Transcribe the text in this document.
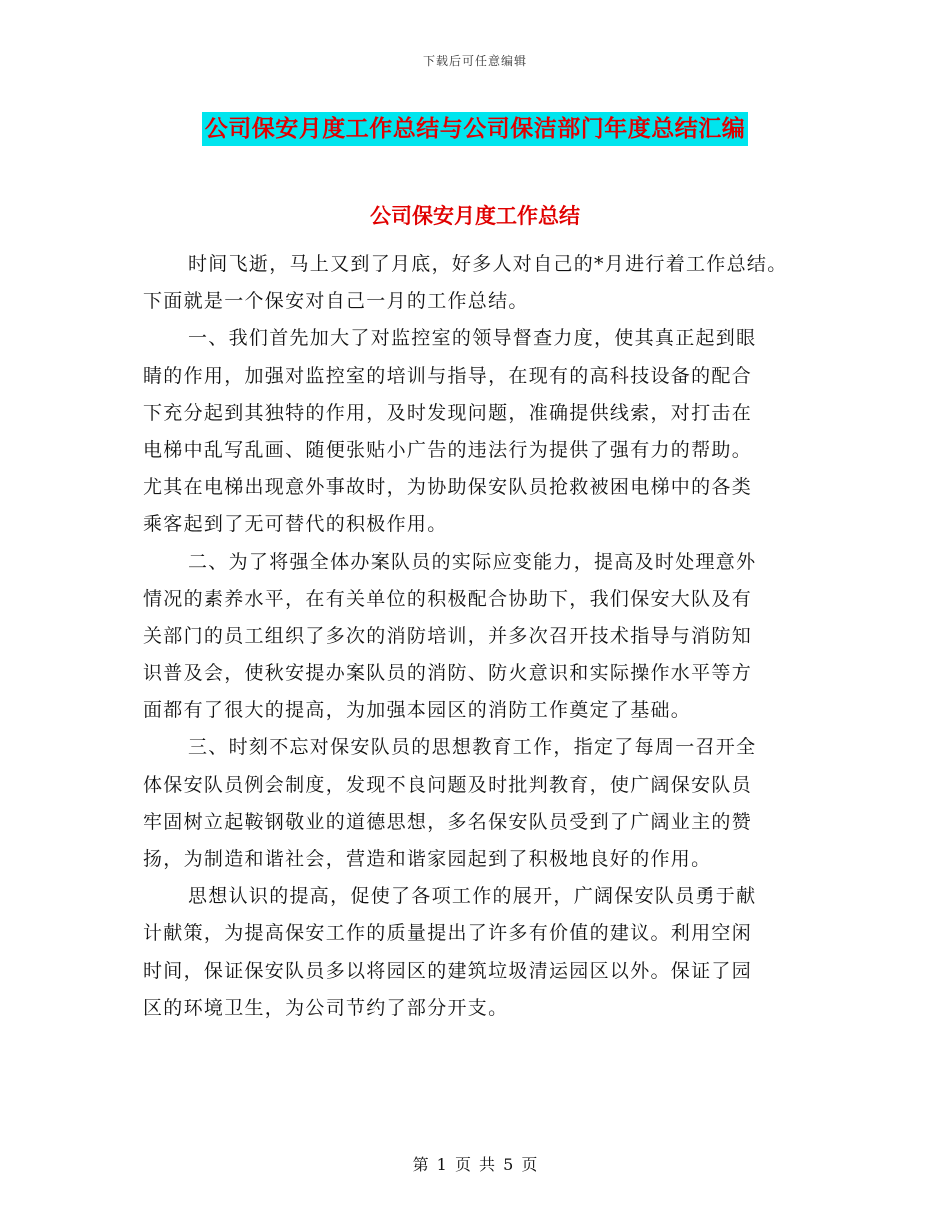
下载后可任意编辑
公司保安月度工作总结与公司保洁部门年度总结汇编
公司保安月度工作总结
时间飞逝，马上又到了月底，好多人对自己的*月进行着工作总结。
下面就是一个保安对自己一月的工作总结。
一、我们首先加大了对监控室的领导督查力度，使其真正起到眼
睛的作用，加强对监控室的培训与指导，在现有的高科技设备的配合
下充分起到其独特的作用，及时发现问题，准确提供线索，对打击在
电梯中乱写乱画、随便张贴小广告的违法行为提供了强有力的帮助。
尤其在电梯出现意外事故时，为协助保安队员抢救被困电梯中的各类
乘客起到了无可替代的积极作用。
二、为了将强全体办案队员的实际应变能力，提高及时处理意外
情况的素养水平，在有关单位的积极配合协助下，我们保安大队及有
关部门的员工组织了多次的消防培训，并多次召开技术指导与消防知
识普及会，使秋安提办案队员的消防、防火意识和实际操作水平等方
面都有了很大的提高，为加强本园区的消防工作奠定了基础。
三、时刻不忘对保安队员的思想教育工作，指定了每周一召开全
体保安队员例会制度，发现不良问题及时批判教育，使广阔保安队员
牢固树立起鞍钢敬业的道德思想，多名保安队员受到了广阔业主的赞
扬，为制造和谐社会，营造和谐家园起到了积极地良好的作用。
思想认识的提高，促使了各项工作的展开，广阔保安队员勇于献
计献策，为提高保安工作的质量提出了许多有价值的建议。利用空闲
时间，保证保安队员多以将园区的建筑垃圾清运园区以外。保证了园
区的环境卫生，为公司节约了部分开支。
第 1 页 共 5 页
